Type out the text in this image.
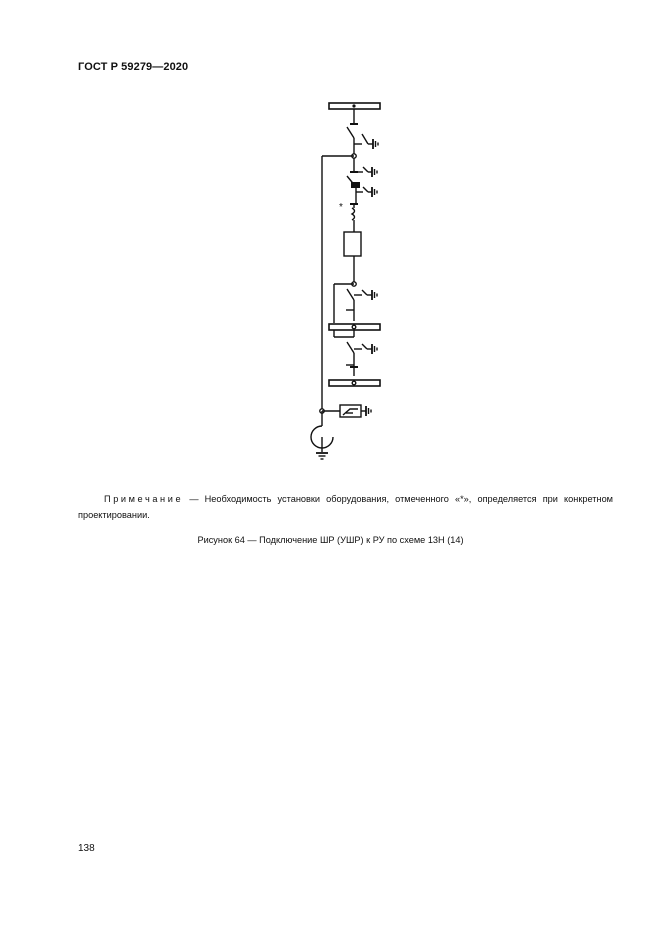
ГОСТ Р 59279—2020
*
Примечание — Необходимость установки оборудования, отмеченного «*», определяется при конкретном проектировании.
Рисунок 64 — Подключение ШР (УШР) к РУ по схеме 13Н (14)
138
